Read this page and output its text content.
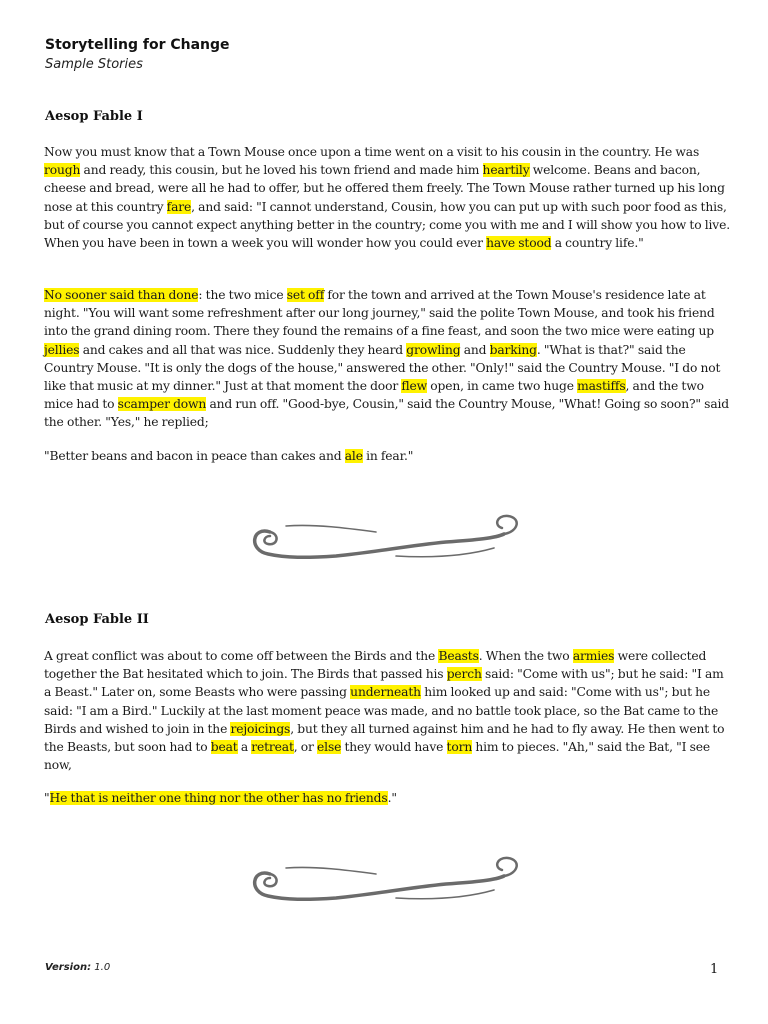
Storytelling for Change
Sample Stories
Aesop Fable I
Now you must know that a Town Mouse once upon a time went on a visit to his cousin in the country. He was rough and ready, this cousin, but he loved his town friend and made him heartily welcome. Beans and bacon, cheese and bread, were all he had to offer, but he offered them freely. The Town Mouse rather turned up his long nose at this country fare, and said: "I cannot understand, Cousin, how you can put up with such poor food as this, but of course you cannot expect anything better in the country; come you with me and I will show you how to live. When you have been in town a week you will wonder how you could ever have stood a country life."
No sooner said than done: the two mice set off for the town and arrived at the Town Mouse's residence late at night. "You will want some refreshment after our long journey," said the polite Town Mouse, and took his friend into the grand dining room. There they found the remains of a fine feast, and soon the two mice were eating up jellies and cakes and all that was nice. Suddenly they heard growling and barking. "What is that?" said the Country Mouse. "It is only the dogs of the house," answered the other. "Only!" said the Country Mouse. "I do not like that music at my dinner." Just at that moment the door flew open, in came two huge mastiffs, and the two mice had to scamper down and run off. "Good-bye, Cousin," said the Country Mouse, "What! Going so soon?" said the other. "Yes," he replied;
"Better beans and bacon in peace than cakes and ale in fear."
Aesop Fable II
A great conflict was about to come off between the Birds and the Beasts. When the two armies were collected together the Bat hesitated which to join. The Birds that passed his perch said: "Come with us"; but he said: "I am a Beast." Later on, some Beasts who were passing underneath him looked up and said: "Come with us"; but he said: "I am a Bird." Luckily at the last moment peace was made, and no battle took place, so the Bat came to the Birds and wished to join in the rejoicings, but they all turned against him and he had to fly away. He then went to the Beasts, but soon had to beat a retreat, or else they would have torn him to pieces. "Ah," said the Bat, "I see now,
"He that is neither one thing nor the other has no friends."
Version: 1.0	1
